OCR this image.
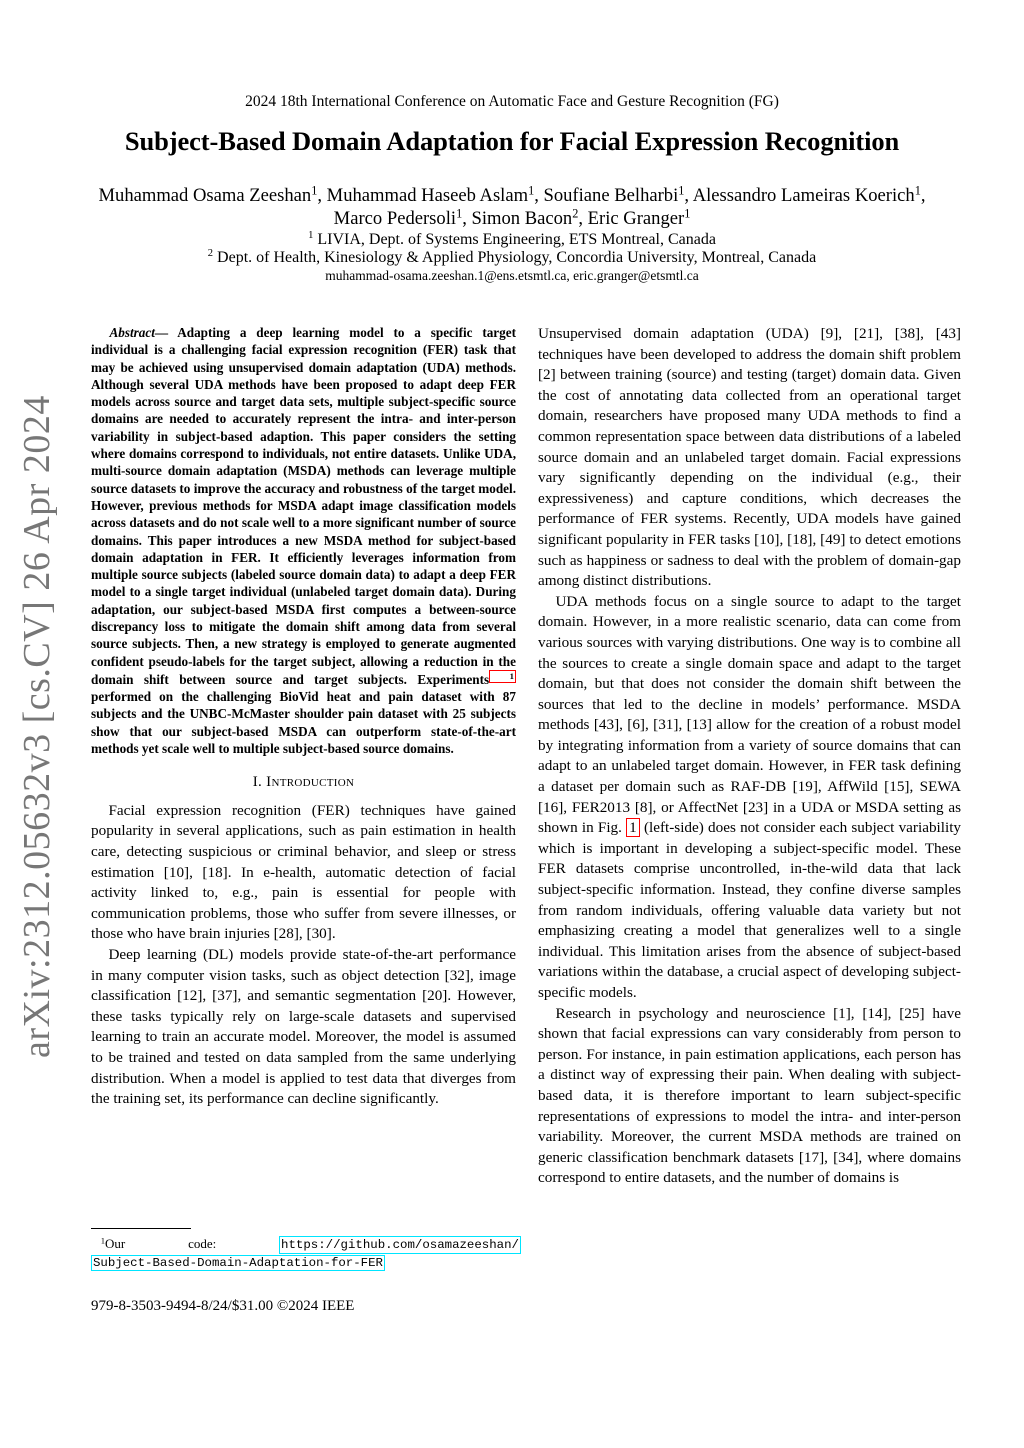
2024 18th International Conference on Automatic Face and Gesture Recognition (FG)
Subject-Based Domain Adaptation for Facial Expression Recognition
Muhammad Osama Zeeshan$^1$, Muhammad Haseeb Aslam$^1$, Soufiane Belharbi$^1$, Alessandro Lameiras Koerich$^1$, Marco Pedersoli$^1$, Simon Bacon$^2$, Eric Granger$^1$
$^1$ LIVIA, Dept. of Systems Engineering, ETS Montreal, Canada
$^2$ Dept. of Health, Kinesiology & Applied Physiology, Concordia University, Montreal, Canada
muhammad-osama.zeeshan.1@ens.etsmtl.ca, eric.granger@etsmtl.ca
arXiv:2312.05632v3 [cs.CV] 26 Apr 2024

Abstract— Adapting a deep learning model to a specific target individual is a challenging facial expression recognition (FER) task that may be achieved using unsupervised domain adaptation (UDA) methods. Although several UDA methods have been proposed to adapt deep FER models across source and target data sets, multiple subject-specific source domains are needed to accurately represent the intra- and inter-person variability in subject-based adaption. This paper considers the setting where domains correspond to individuals, not entire datasets. Unlike UDA, multi-source domain adaptation (MSDA) methods can leverage multiple source datasets to improve the accuracy and robustness of the target model. However, previous methods for MSDA adapt image classification models across datasets and do not scale well to a more significant number of source domains. This paper introduces a new MSDA method for subject-based domain adaptation in FER. It efficiently leverages information from multiple source subjects (labeled source domain data) to adapt a deep FER model to a single target individual (unlabeled target domain data). During adaptation, our subject-based MSDA first computes a between-source discrepancy loss to mitigate the domain shift among data from several source subjects. Then, a new strategy is employed to generate augmented confident pseudo-labels for the target subject, allowing a reduction in the domain shift between source and target subjects. Experiments $^1$ performed on the challenging BioVid heat and pain dataset with 87 subjects and the UNBC-McMaster shoulder pain dataset with 25 subjects show that our subject-based MSDA can outperform state-of-the-art methods yet scale well to multiple subject-based source domains.

I. Introduction

Facial expression recognition (FER) techniques have gained popularity in several applications, such as pain estimation in health care, detecting suspicious or criminal behavior, and sleep or stress estimation [10], [18]. In e-health, automatic detection of facial activity linked to, e.g., pain is essential for people with communication problems, those who suffer from severe illnesses, or those who have brain injuries [28], [30].

Deep learning (DL) models provide state-of-the-art performance in many computer vision tasks, such as object detection [32], image classification [12], [37], and semantic segmentation [20]. However, these tasks typically rely on large-scale datasets and supervised learning to train an accurate model. Moreover, the model is assumed to be trained and tested on data sampled from the same underlying distribution. When a model is applied to test data that diverges from the training set, its performance can decline significantly.

Unsupervised domain adaptation (UDA) [9], [21], [38], [43] techniques have been developed to address the domain shift problem [2] between training (source) and testing (target) domain data. Given the cost of annotating data collected from an operational target domain, researchers have proposed many UDA methods to find a common representation space between data distributions of a labeled source domain and an unlabeled target domain. Facial expressions vary significantly depending on the individual (e.g., their expressiveness) and capture conditions, which decreases the performance of FER systems. Recently, UDA models have gained significant popularity in FER tasks [10], [18], [49] to detect emotions such as happiness or sadness to deal with the problem of domain-gap among distinct distributions.

UDA methods focus on a single source to adapt to the target domain. However, in a more realistic scenario, data can come from various sources with varying distributions. One way is to combine all the sources to create a single domain space and adapt to the target domain, but that does not consider the domain shift between the sources that led to the decline in models’ performance. MSDA methods [43], [6], [31], [13] allow for the creation of a robust model by integrating information from a variety of source domains that can adapt to an unlabeled target domain. However, in FER task defining a dataset per domain such as RAF-DB [19], AffWild [15], SEWA [16], FER2013 [8], or AffectNet [23] in a UDA or MSDA setting as shown in Fig. 1 (left-side) does not consider each subject variability which is important in developing a subject-specific model. These FER datasets comprise uncontrolled, in-the-wild data that lack subject-specific information. Instead, they confine diverse samples from random individuals, offering valuable data variety but not emphasizing creating a model that generalizes well to a single individual. This limitation arises from the absence of subject-based variations within the database, a crucial aspect of developing subject-specific models.

Research in psychology and neuroscience [1], [14], [25] have shown that facial expressions can vary considerably from person to person. For instance, in pain estimation applications, each person has a distinct way of expressing their pain. When dealing with subject-based data, it is therefore important to learn subject-specific representations of expressions to model the intra- and inter-person variability. Moreover, the current MSDA methods are trained on generic classification benchmark datasets [17], [34], where domains correspond to entire datasets, and the number of domains is

$^1$Our	code:	https://github.com/osamazeeshan/
Subject-Based-Domain-Adaptation-for-FER
979-8-3503-9494-8/24/$31.00 ©2024 IEEE
